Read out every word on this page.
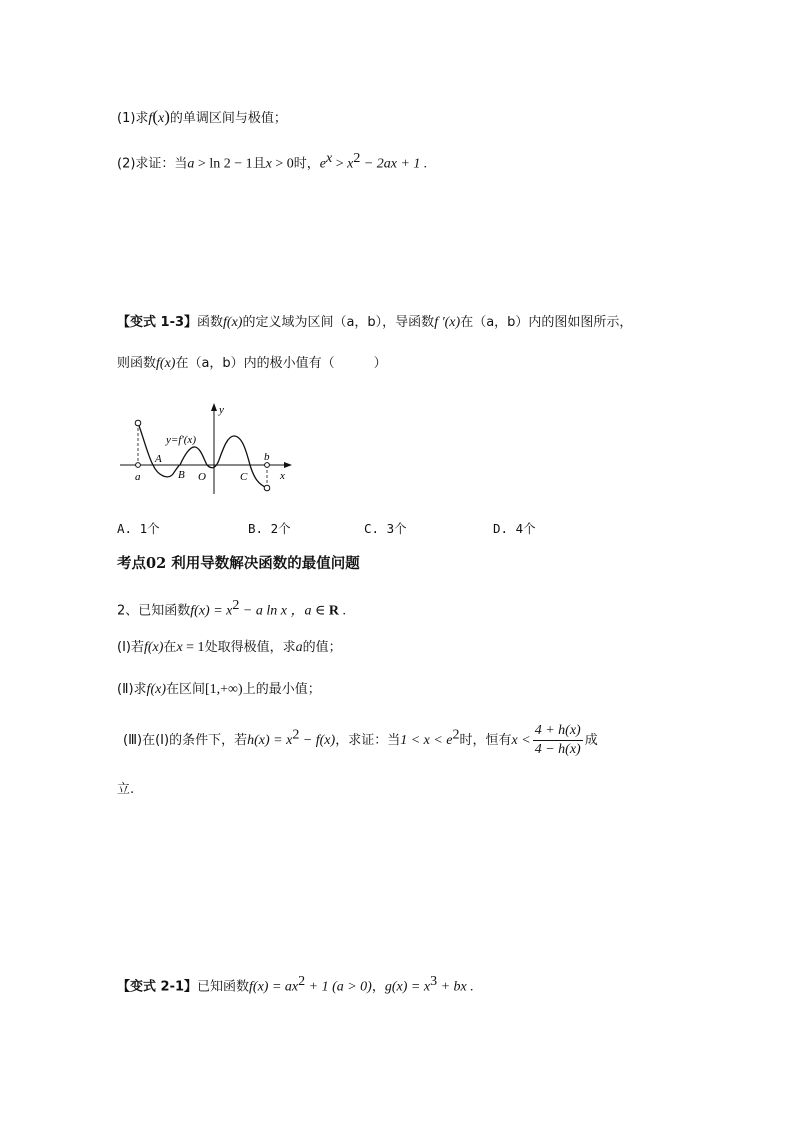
(1)求f(x)的单调区间与极值；
(2)求证：当a > ln 2 − 1且x > 0时，$e^x > x^2 - 2ax + 1$ .
【变式 1-3】函数f(x)的定义域为区间（a，b），导函数f ′(x)在（a，b）内的图如图所示，
则函数f(x)在（a，b）内的极小值有（　　　）
y
x
y=f′(x)
a
b
A
B O	C
A. 1个	B. 2个	C. 3个	D. 4个
考点02 利用导数解决函数的最值问题
2、已知函数$f(x) = x^2 - a$ ln x ，a ∈ R .
(Ⅰ)若f(x)在x = 1处取得极值，求a的值；
(Ⅱ)求f(x)在区间[1,+∞)上的最小值；
(Ⅲ)在(Ⅰ)的条件下，若$h(x) = x^2 - f(x)$，求证：当$1 < x < e^2$时，恒有$x < \frac{4 + h(x)}{4 - h(x)}$ 成
立.
【变式 2-1】已知函数$f(x) = ax^2 + 1$ (a > 0)，$g(x) = x^3$ + bx .
